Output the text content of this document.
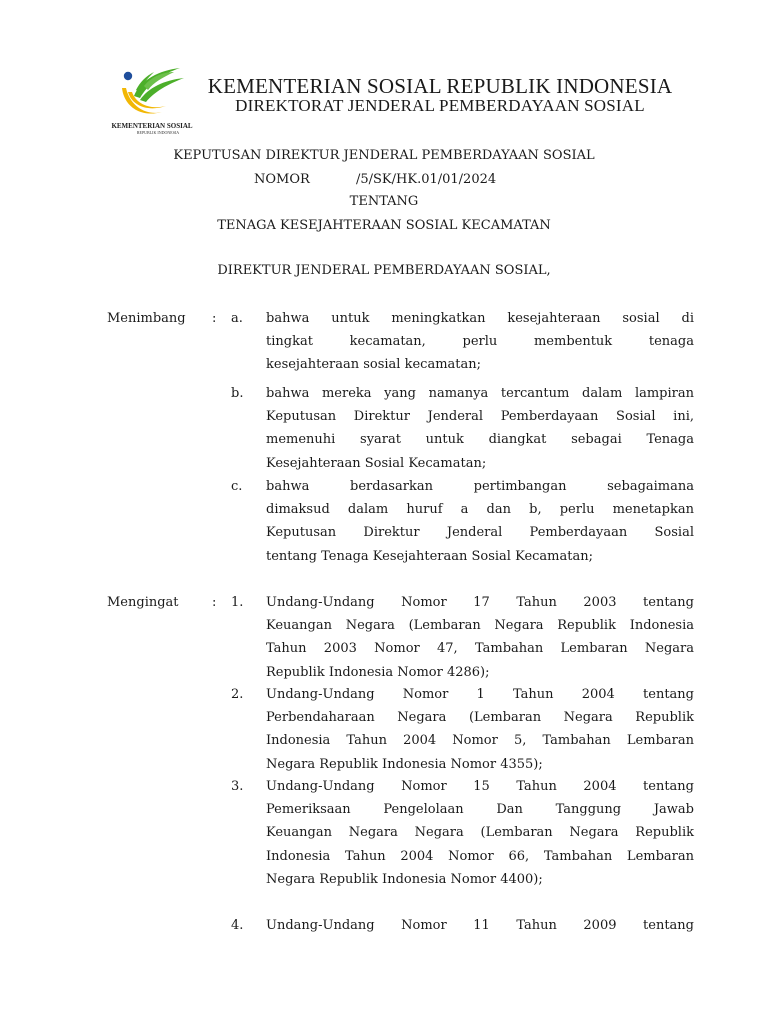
KEMENTERIAN SOSIAL
REPUBLIK INDONESIA
KEMENTERIAN SOSIAL REPUBLIK INDONESIA
DIREKTORAT JENDERAL PEMBERDAYAAN SOSIAL
KEPUTUSAN DIREKTUR JENDERAL PEMBERDAYAAN SOSIAL
NOMOR	/5/SK/HK.01/01/2024
TENTANG
TENAGA KESEJAHTERAAN SOSIAL KECAMATAN
DIREKTUR JENDERAL PEMBERDAYAAN SOSIAL,
Menimbang : a. bahwa untuk meningkatkan kesejahteraan sosial di
tingkat kecamatan, perlu membentuk tenaga
kesejahteraan sosial kecamatan;
b. bahwa mereka yang namanya tercantum dalam lampiran
Keputusan Direktur Jenderal Pemberdayaan Sosial ini,
memenuhi syarat untuk diangkat sebagai Tenaga
Kesejahteraan Sosial Kecamatan;
c. bahwa berdasarkan pertimbangan sebagaimana
dimaksud dalam huruf a dan b, perlu menetapkan
Keputusan Direktur Jenderal Pemberdayaan Sosial
tentang Tenaga Kesejahteraan Sosial Kecamatan;
Mengingat	: 1. Undang-Undang Nomor 17 Tahun 2003 tentang
Keuangan Negara (Lembaran Negara Republik Indonesia
Tahun 2003 Nomor 47, Tambahan Lembaran Negara
Republik Indonesia Nomor 4286);
2. Undang-Undang Nomor 1 Tahun 2004 tentang
Perbendaharaan Negara (Lembaran Negara Republik
Indonesia Tahun 2004 Nomor 5, Tambahan Lembaran
Negara Republik Indonesia Nomor 4355);
3. Undang-Undang Nomor 15 Tahun 2004 tentang
Pemeriksaan Pengelolaan Dan Tanggung Jawab
Keuangan Negara Negara (Lembaran Negara Republik
Indonesia Tahun 2004 Nomor 66, Tambahan Lembaran
Negara Republik Indonesia Nomor 4400);
4. Undang-Undang Nomor 11 Tahun 2009 tentang
